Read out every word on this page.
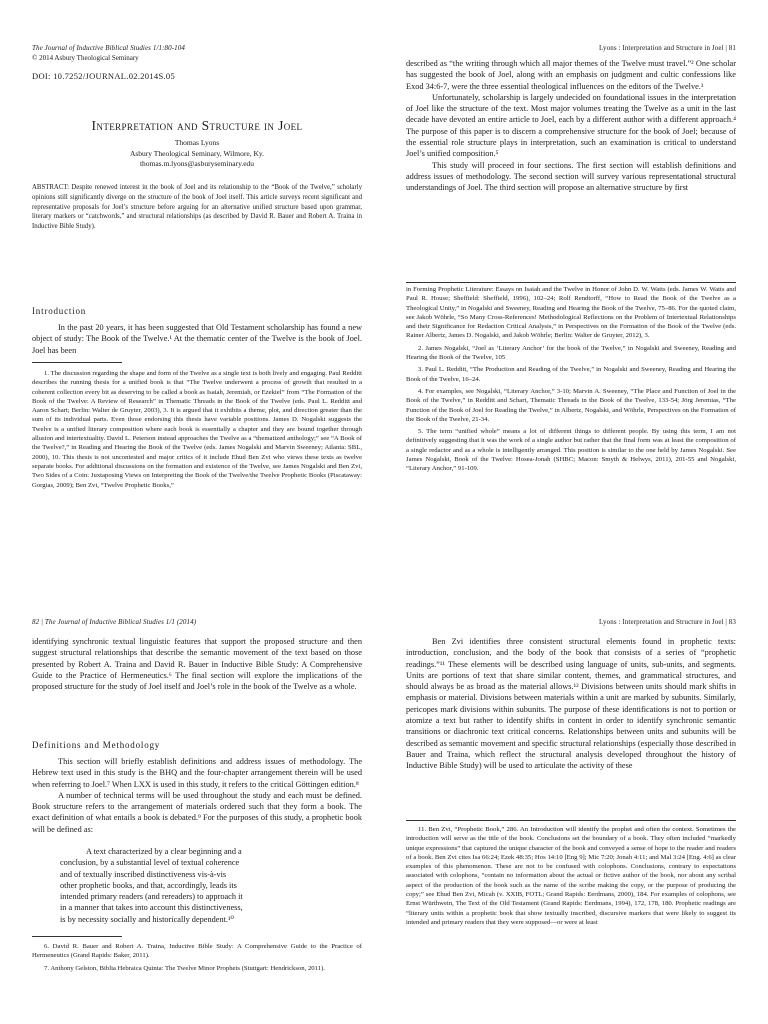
The Journal of Inductive Biblical Studies 1/1:80-104
© 2014 Asbury Theological Seminary
DOI: 10.7252/JOURNAL.02.2014S.05
Interpretation and Structure in Joel
Thomas Lyons
Asbury Theological Seminary, Wilmore, Ky.
thomas.m.lyons@asburyseminary.edu
ABSTRACT: Despite renewed interest in the book of Joel and its relationship to the “Book of the Twelve,” scholarly opinions still significantly diverge on the structure of the book of Joel itself. This article surveys recent significant and representative proposals for Joel’s structure before arguing for an alternative unified structure based upon grammar, literary markers or “catchwords,” and structural relationships (as described by David R. Bauer and Robert A. Traina in Inductive Bible Study).
Introduction

In the past 20 years, it has been suggested that Old Testament scholarship has found a new object of study: The Book of the Twelve.¹ At the thematic center of the Twelve is the book of Joel. Joel has been

1. The discussion regarding the shape and form of the Twelve as a single text is both lively and engaging. Paul Redditt describes the running thesis for a unified book is that “The Twelve underwent a process of growth that resulted in a coherent collection every bit as deserving to be called a book as Isaiah, Jeremiah, or Ezekiel” from “The Formation of the Book of the Twelve: A Review of Research” in Thematic Threads in the Book of the Twelve (eds. Paul L. Redditt and Aaron Schart; Berlin: Walter de Gruyter, 2003), 3. It is argued that it exhibits a theme, plot, and direction greater than the sum of its individual parts. Even those endorsing this thesis have variable positions. James D. Nogalski suggests the Twelve is a unified literary composition where each book is essentially a chapter and they are bound together through allusion and intertextuality. David L. Peterson instead approaches the Twelve as a “thematized anthology;” see “A Book of the Twelve?,” in Reading and Hearing the Book of the Twelve (eds. James Nogalski and Marvin Sweeney; Atlanta: SBL, 2000), 10. This thesis is not uncontested and major critics of it include Ehud Ben Zvi who views these texts as twelve separate books. For additional discussions on the formation and existence of the Twelve, see James Nogalski and Ben Zvi, Two Sides of a Coin: Juxtaposing Views on Interpreting the Book of the Twelve/the Twelve Prophetic Books (Piscataway: Gorgias, 2009); Ben Zvi, “Twelve Prophetic Books,”

Lyons : Interpretation and Structure in Joel | 81

described as “the writing through which all major themes of the Twelve must travel.”² One scholar has suggested the book of Joel, along with an emphasis on judgment and cultic confessions like Exod 34:6-7, were the three essential theological influences on the editors of the Twelve.³

Unfortunately, scholarship is largely undecided on foundational issues in the interpretation of Joel like the structure of the text. Most major volumes treating the Twelve as a unit in the last decade have devoted an entire article to Joel, each by a different author with a different approach.⁴ The purpose of this paper is to discern a comprehensive structure for the book of Joel; because of the essential role structure plays in interpretation, such an examination is critical to understand Joel’s unified composition.⁵

This study will proceed in four sections. The first section will establish definitions and address issues of methodology. The second section will survey various representational structural understandings of Joel. The third section will propose an alternative structure by first

in Forming Prophetic Literature: Essays on Isaiah and the Twelve in Honor of John D. W. Watts (eds. James W. Watts and Paul R. House; Sheffield: Sheffield, 1996), 102–24; Rolf Rendtorff, “How to Read the Book of the Twelve as a Theological Unity,” in Nogalski and Sweeney, Reading and Hearing the Book of the Twelve, 75–86. For the quoted claim, see Jakob Wöhrle, “So Many Cross-References! Methodological Reflections on the Problem of Intertextual Relationships and their Significance for Redaction Critical Analysis,” in Perspectives on the Formation of the Book of the Twelve (eds. Rainer Albertz, James D. Nogalski, and Jakob Wöhrle; Berlin: Walter de Gruyter, 2012), 3.

2. James Nogalski, “Joel as ‘Literary Anchor’ for the book of the Twelve,” in Nogalski and Sweeney, Reading and Hearing the Book of the Twelve, 105

3. Paul L. Redditt, “The Production and Reading of the Twelve,” in Nogalski and Sweeney, Reading and Hearing the Book of the Twelve, 16–24.

4. For examples, see Nogalski, “Literary Anchor,” 3-10; Marvin A. Sweeney, “The Place and Function of Joel in the Book of the Twelve,” in Redditt and Schart, Thematic Threads in the Book of the Twelve, 133-54; Jörg Jeremias, “The Function of the Book of Joel for Reading the Twelve,” in Albertz, Nogalski, and Wöhrle, Perspectives on the Formation of the Book of the Twelve, 21-34.

5. The term “unified whole” means a lot of different things to different people. By using this term, I am not definitively suggesting that it was the work of a single author but rather that the final form was at least the composition of a single redactor and as a whole is intelligently arranged. This position is similar to the one held by James Nogalski. See James Nogalski, Book of the Twelve: Hosea-Jonah (SHBC; Macon: Smyth & Helwys, 2011), 201-55 and Nogalski, “Literary Anchor,” 91-109.

82 | The Journal of Inductive Biblical Studies 1/1 (2014)

identifying synchronic textual linguistic features that support the proposed structure and then suggest structural relationships that describe the semantic movement of the text based on those presented by Robert A. Traina and David R. Bauer in Inductive Bible Study: A Comprehensive Guide to the Practice of Hermeneutics.⁶ The final section will explore the implications of the proposed structure for the study of Joel itself and Joel’s role in the book of the Twelve as a whole.

Definitions and Methodology

This section will briefly establish definitions and address issues of methodology. The Hebrew text used in this study is the BHQ and the four-chapter arrangement therein will be used when referring to Joel.⁷ When LXX is used in this study, it refers to the critical Göttingen edition.⁸

A number of technical terms will be used throughout the study and each must be defined. Book structure refers to the arrangement of materials ordered such that they form a book. The exact definition of what entails a book is debated.⁹ For the purposes of this study, a prophetic book will be defined as:

A text characterized by a clear beginning and a

conclusion, by a substantial level of textual coherence
and of textually inscribed distinctiveness vis-à-vis
other prophetic books, and that, accordingly, leads its
intended primary readers (and rereaders) to approach it
in a manner that takes into account this distinctiveness,
is by necessity socially and historically dependent.¹⁰

6. David R. Bauer and Robert A. Traina, Inductive Bible Study: A Comprehensive Guide to the Practice of Hermeneutics (Grand Rapids: Baker, 2011).

7. Anthony Gelston, Biblia Hebraica Quinta: The Twelve Minor Prophets (Stuttgart: Hendrickson, 2011).

Lyons : Interpretation and Structure in Joel | 83

Ben Zvi identifies three consistent structural elements found in prophetic texts: introduction, conclusion, and the body of the book that consists of a series of “prophetic readings.”¹¹ These elements will be described using language of units, sub-units, and segments. Units are portions of text that share similar content, themes, and grammatical structures, and should always be as broad as the material allows.¹² Divisions between units should mark shifts in emphasis or material. Divisions between materials within a unit are marked by subunits. Similarly, pericopes mark divisions within subunits. The purpose of these identifications is not to portion or atomize a text but rather to identify shifts in content in order to identify synchronic semantic transitions or diachronic text critical concerns. Relationships between units and subunits will be described as semantic movement and specific structural relationships (especially those described in Bauer and Traina, which reflect the structural analysis developed throughout the history of Inductive Bible Study) will be used to articulate the activity of these

11. Ben Zvi, “Prophetic Book,” 286. An Introduction will identify the prophet and often the context. Sometimes the introduction will serve as the title of the book. Conclusions set the boundary of a book. They often included “markedly unique expressions” that captured the unique character of the book and conveyed a sense of hope to the reader and readers of a book. Ben Zvi cites Isa 66:24; Ezek 48:35; Hos 14:10 [Eng 9]; Mic 7:20; Jonah 4:11; and Mal 3:24 [Eng. 4:6] as clear examples of this phenomenon. These are not to be confused with colophons. Conclusions, contrary to expectations associated with colophons, “contain no information about the actual or fictive author of the book, nor about any scribal aspect of the production of the book such as the name of the scribe making the copy, or the purpose of producing the copy;” see Ehud Ben Zvi, Micah (v. XXIB, FOTL; Grand Rapids: Eerdmans, 2000), 184. For examples of colophons, see Ernst Würthwein, The Text of the Old Testament (Grand Rapids: Eerdmans, 1994), 172, 178, 180. Prophetic readings are “literary units within a prophetic book that show textually inscribed, discursive markers that were likely to suggest its intended and primary readers that they were supposed—or were at least
